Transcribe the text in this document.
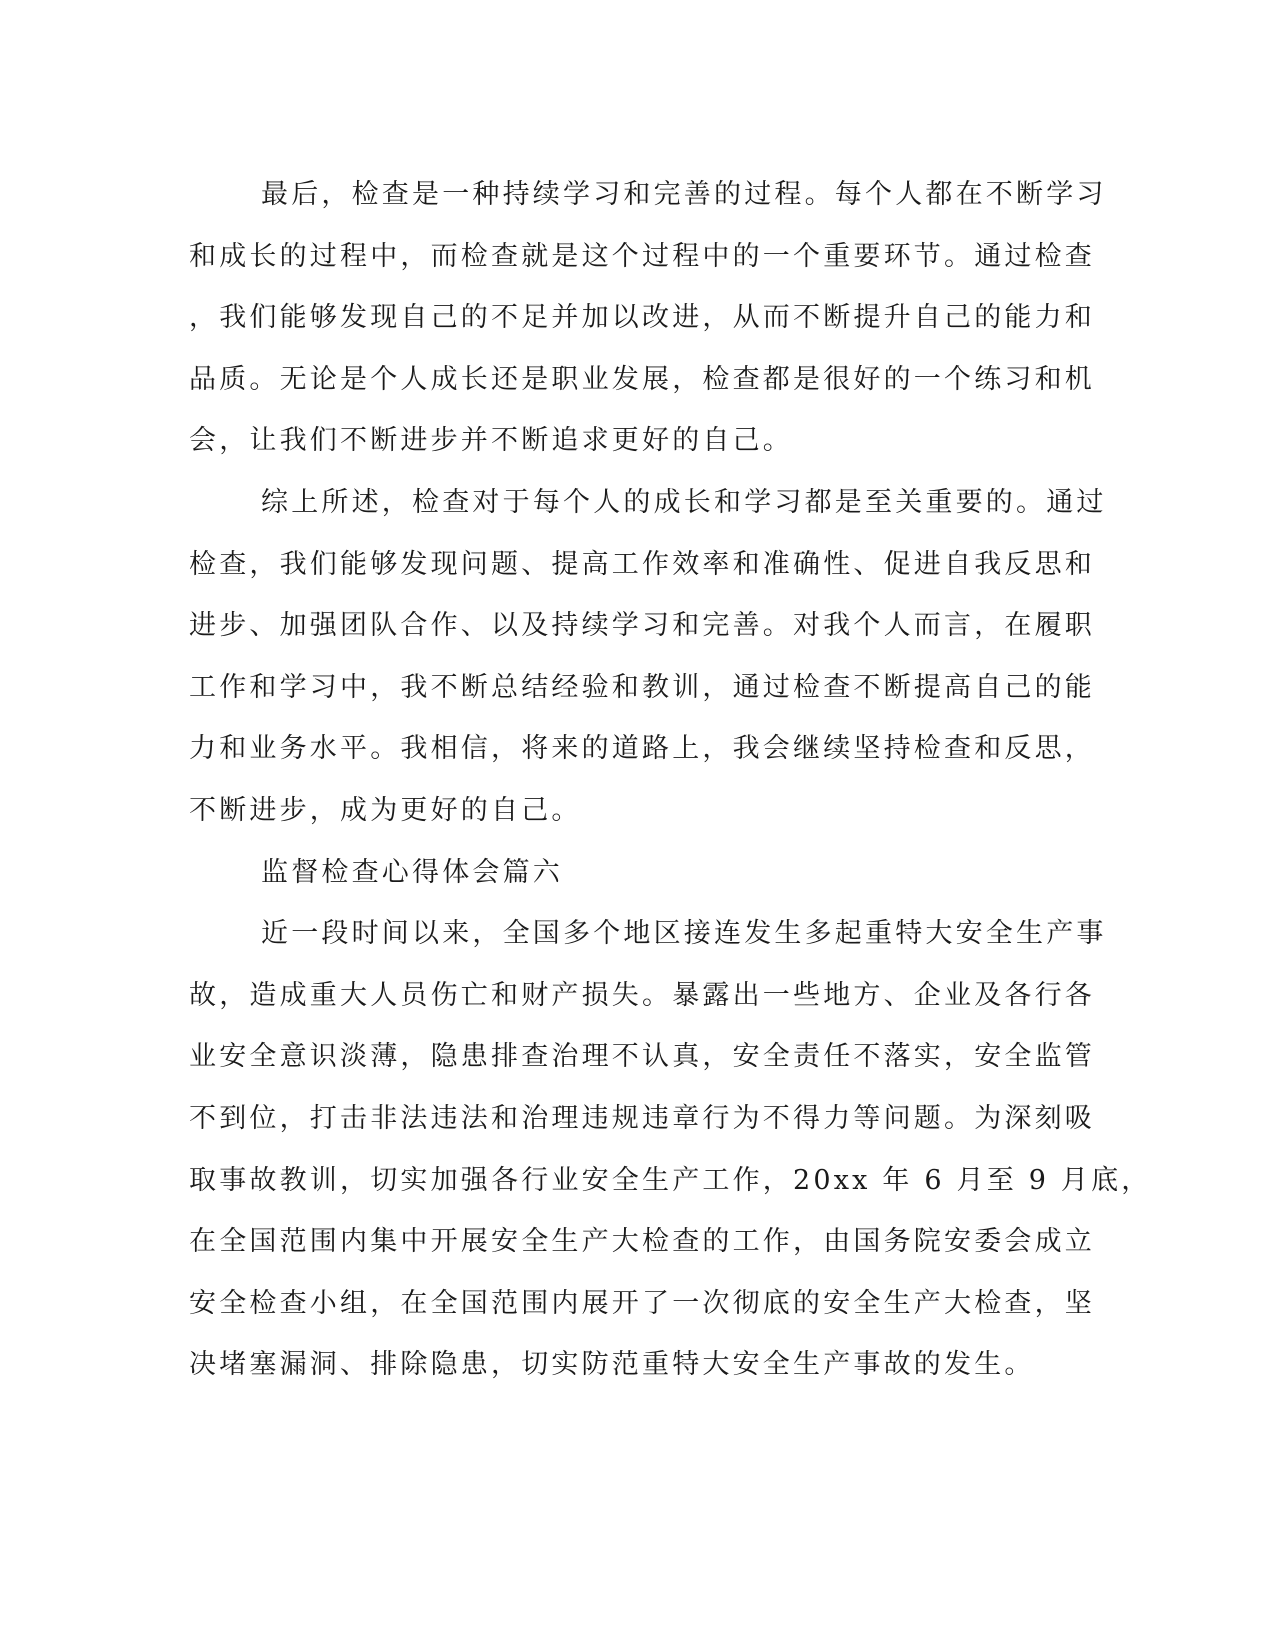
最后，检查是一种持续学习和完善的过程。每个人都在不断学习
和成长的过程中，而检查就是这个过程中的一个重要环节。通过检查
，我们能够发现自己的不足并加以改进，从而不断提升自己的能力和
品质。无论是个人成长还是职业发展，检查都是很好的一个练习和机
会，让我们不断进步并不断追求更好的自己。
综上所述，检查对于每个人的成长和学习都是至关重要的。通过
检查，我们能够发现问题、提高工作效率和准确性、促进自我反思和
进步、加强团队合作、以及持续学习和完善。对我个人而言，在履职
工作和学习中，我不断总结经验和教训，通过检查不断提高自己的能
力和业务水平。我相信，将来的道路上，我会继续坚持检查和反思，
不断进步，成为更好的自己。
监督检查心得体会篇六
近一段时间以来，全国多个地区接连发生多起重特大安全生产事
故，造成重大人员伤亡和财产损失。暴露出一些地方、企业及各行各
业安全意识淡薄，隐患排查治理不认真，安全责任不落实，安全监管
不到位，打击非法违法和治理违规违章行为不得力等问题。为深刻吸
取事故教训，切实加强各行业安全生产工作，20xx 年 6 月至 9 月底，
在全国范围内集中开展安全生产大检查的工作，由国务院安委会成立
安全检查小组，在全国范围内展开了一次彻底的安全生产大检查，坚
决堵塞漏洞、排除隐患，切实防范重特大安全生产事故的发生。
